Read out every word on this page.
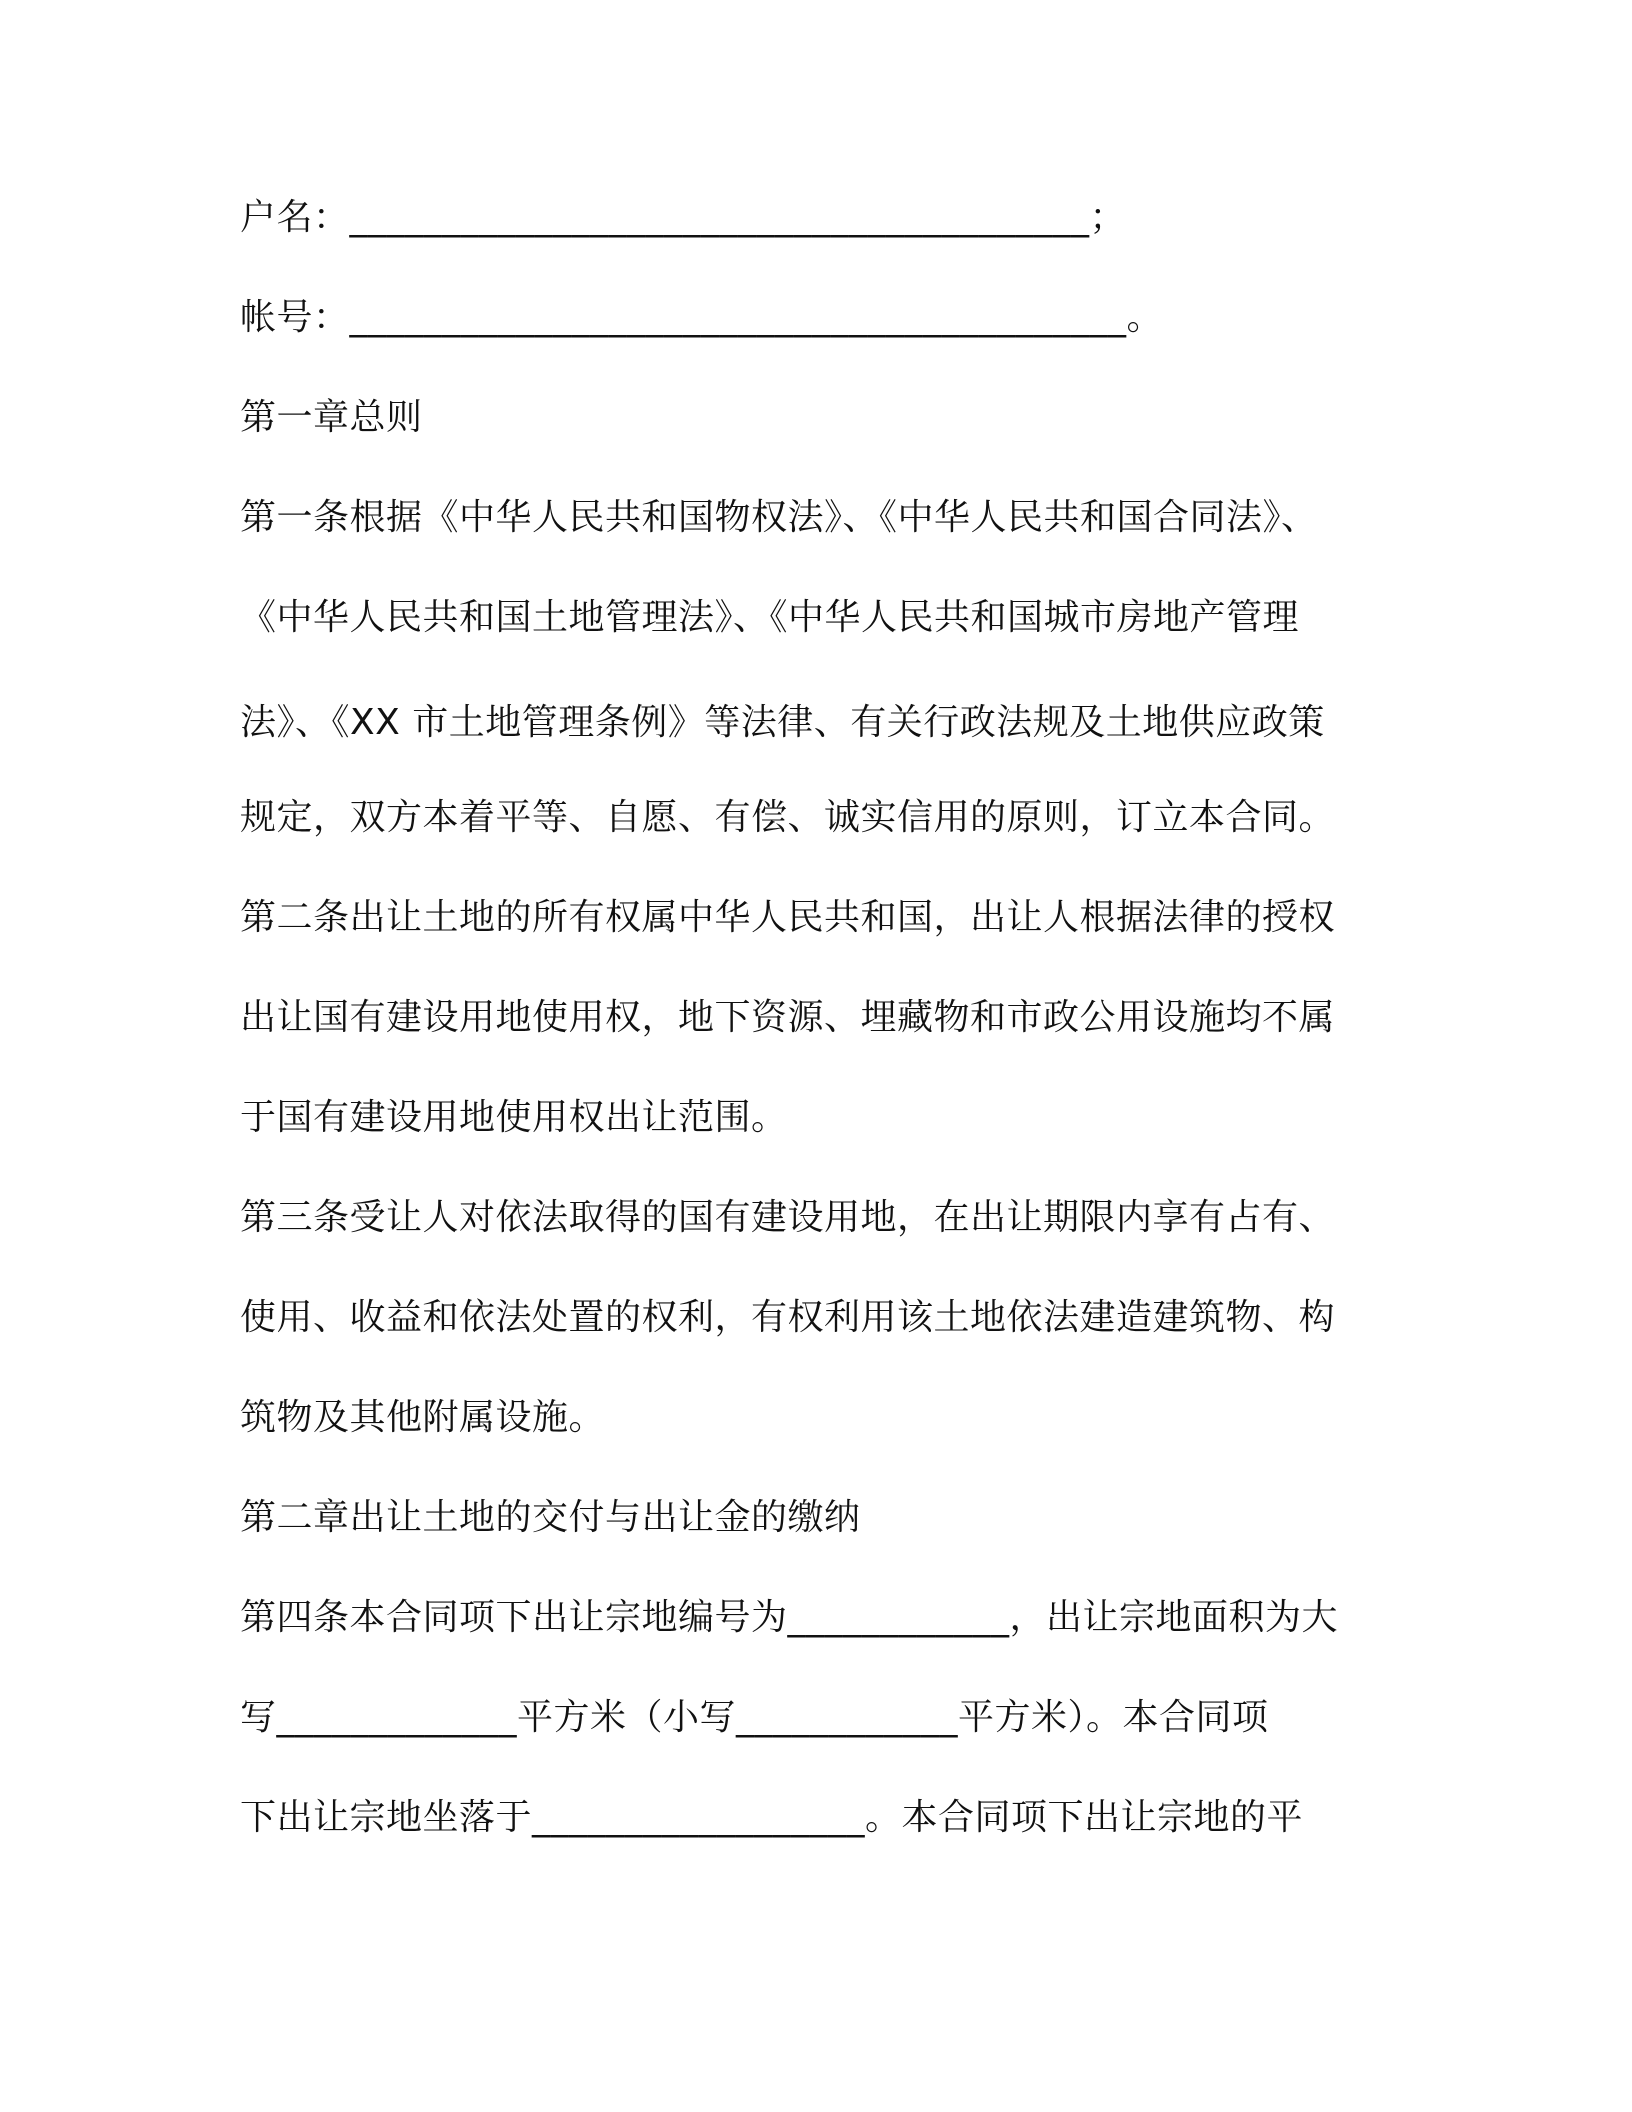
户名：________________________________________；
帐号：__________________________________________。
第一章总则
第一条根据《中华人民共和国物权法》、《中华人民共和国合同法》、
《中华人民共和国土地管理法》、《中华人民共和国城市房地产管理
法》、《XX 市土地管理条例》等法律、有关行政法规及土地供应政策
规定，双方本着平等、自愿、有偿、诚实信用的原则，订立本合同。
第二条出让土地的所有权属中华人民共和国，出让人根据法律的授权
出让国有建设用地使用权，地下资源、埋藏物和市政公用设施均不属
于国有建设用地使用权出让范围。
第三条受让人对依法取得的国有建设用地，在出让期限内享有占有、
使用、收益和依法处置的权利，有权利用该土地依法建造建筑物、构
筑物及其他附属设施。
第二章出让土地的交付与出让金的缴纳
第四条本合同项下出让宗地编号为____________，出让宗地面积为大
写_____________平方米（小写____________平方米）。本合同项
下出让宗地坐落于__________________。本合同项下出让宗地的平
